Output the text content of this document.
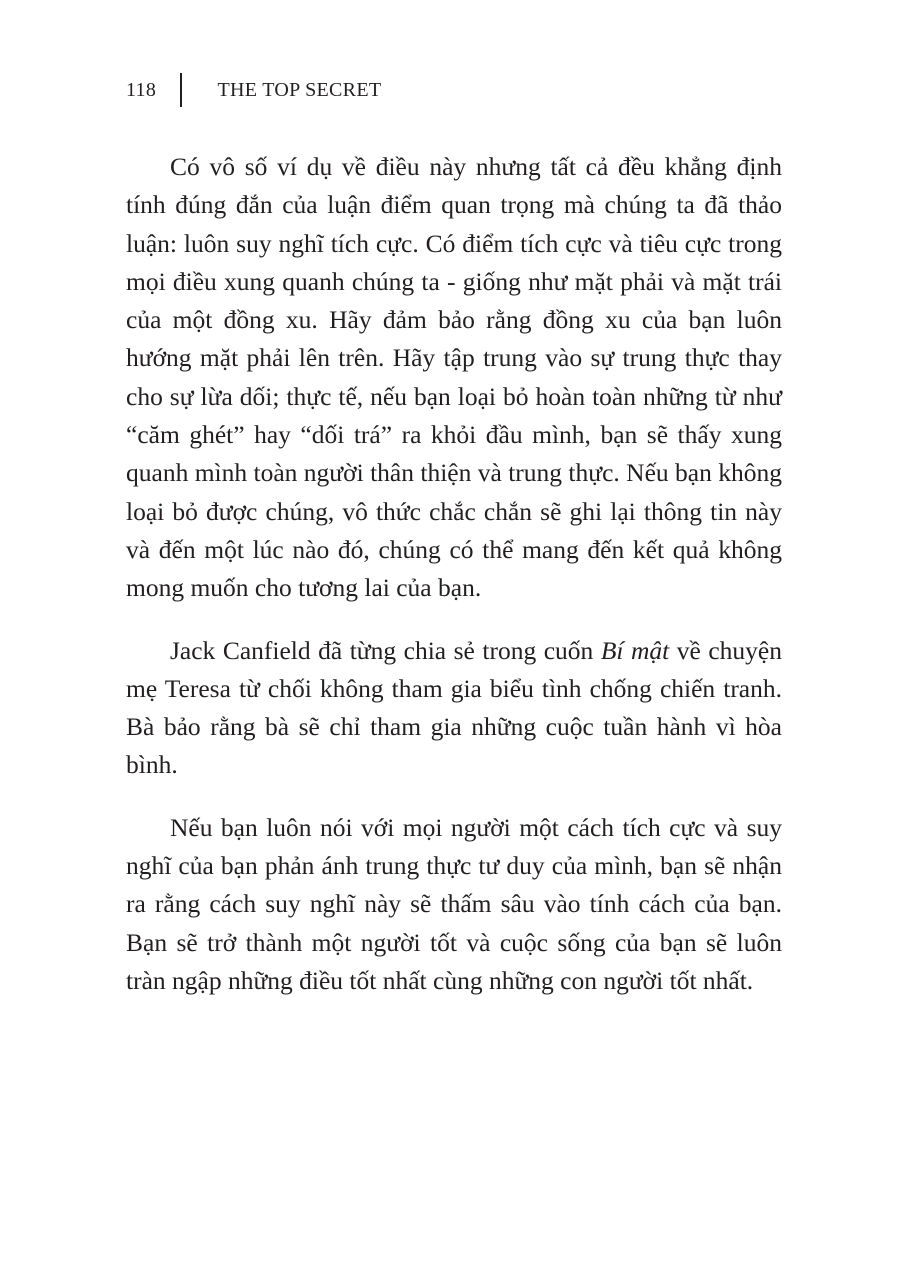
118	THE TOP SECRET

Có vô số ví dụ về điều này nhưng tất cả đều khẳng định tính đúng đắn của luận điểm quan trọng mà chúng ta đã thảo luận: luôn suy nghĩ tích cực. Có điểm tích cực và tiêu cực trong mọi điều xung quanh chúng ta - giống như mặt phải và mặt trái của một đồng xu. Hãy đảm bảo rằng đồng xu của bạn luôn hướng mặt phải lên trên. Hãy tập trung vào sự trung thực thay cho sự lừa dối; thực tế, nếu bạn loại bỏ hoàn toàn những từ như “căm ghét” hay “dối trá” ra khỏi đầu mình, bạn sẽ thấy xung quanh mình toàn người thân thiện và trung thực. Nếu bạn không loại bỏ được chúng, vô thức chắc chắn sẽ ghi lại thông tin này và đến một lúc nào đó, chúng có thể mang đến kết quả không mong muốn cho tương lai của bạn.

Jack Canfield đã từng chia sẻ trong cuốn Bí mật về chuyện mẹ Teresa từ chối không tham gia biểu tình chống chiến tranh. Bà bảo rằng bà sẽ chỉ tham gia những cuộc tuần hành vì hòa bình.

Nếu bạn luôn nói với mọi người một cách tích cực và suy nghĩ của bạn phản ánh trung thực tư duy của mình, bạn sẽ nhận ra rằng cách suy nghĩ này sẽ thấm sâu vào tính cách của bạn. Bạn sẽ trở thành một người tốt và cuộc sống của bạn sẽ luôn tràn ngập những điều tốt nhất cùng những con người tốt nhất.
